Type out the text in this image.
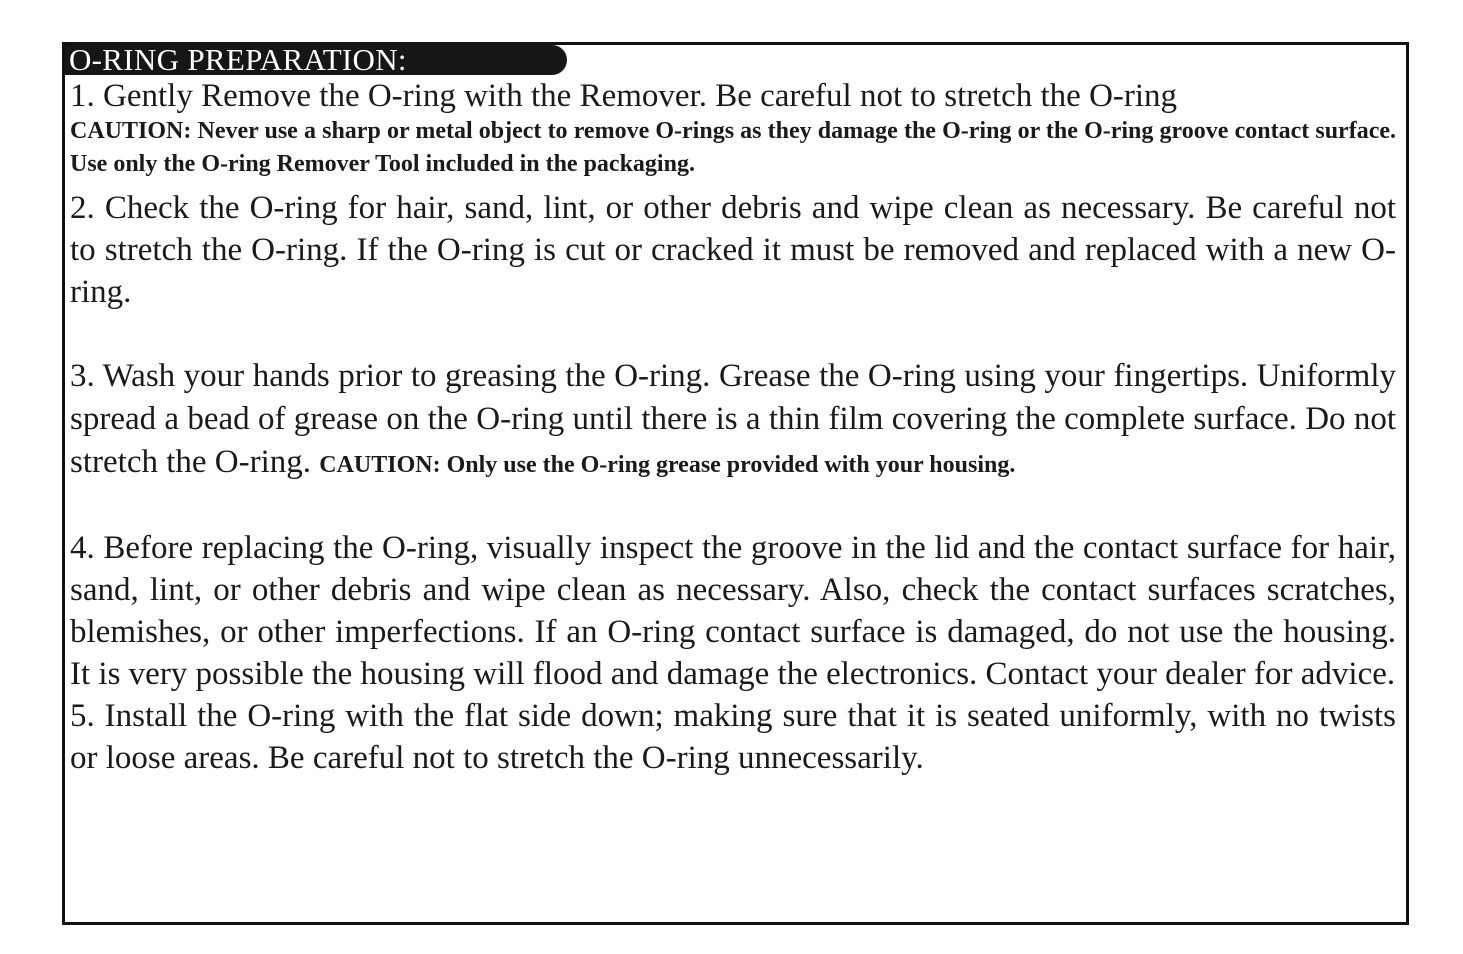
O-RING PREPARATION:

1. Gently Remove the O-ring with the Remover. Be careful not to stretch the O-ring

CAUTION: Never use a sharp or metal object to remove O-rings as they damage the O-ring or the O-ring groove contact surface. Use only the O-ring Remover Tool included in the packaging.

2. Check the O-ring for hair, sand, lint, or other debris and wipe clean as necessary. Be careful not to stretch the O-ring. If the O-ring is cut or cracked it must be removed and replaced with a new O-ring.

3. Wash your hands prior to greasing the O-ring. Grease the O-ring using your fingertips. Uniformly spread a bead of grease on the O-ring until there is a thin film covering the complete surface. Do not stretch the O-ring. CAUTION: Only use the O-ring grease provided with your housing.

4. Before replacing the O-ring, visually inspect the groove in the lid and the contact surface for hair, sand, lint, or other debris and wipe clean as necessary. Also, check the contact surfaces scratches, blemishes, or other imperfections. If an O-ring contact surface is damaged, do not use the housing. It is very possible the housing will flood and damage the electronics. Contact your dealer for advice.

5. Install the O-ring with the flat side down; making sure that it is seated uniformly, with no twists or loose areas. Be careful not to stretch the O-ring unnecessarily.
